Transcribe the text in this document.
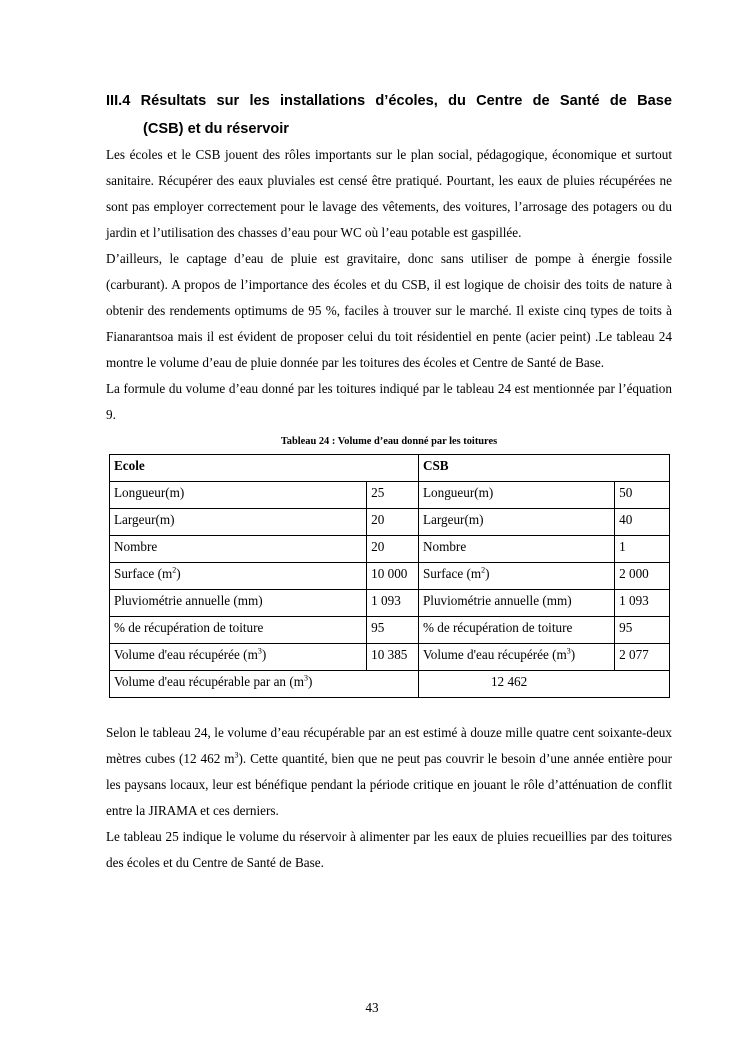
III.4 Résultats sur les installations d’écoles, du Centre de Santé de Base

(CSB) et du réservoir

Les écoles et le CSB jouent des rôles importants sur le plan social, pédagogique, économique et surtout sanitaire. Récupérer des eaux pluviales est censé être pratiqué. Pourtant, les eaux de pluies récupérées ne sont pas employer correctement pour le lavage des vêtements, des voitures, l’arrosage des potagers ou du jardin et l’utilisation des chasses d’eau pour WC où l’eau potable est gaspillée.

D’ailleurs, le captage d’eau de pluie est gravitaire, donc sans utiliser de pompe à énergie fossile (carburant). A propos de l’importance des écoles et du CSB, il est logique de choisir des toits de nature à obtenir des rendements optimums de 95 %, faciles à trouver sur le marché. Il existe cinq types de toits à Fianarantsoa mais il est évident de proposer celui du toit résidentiel en pente (acier peint) .Le tableau 24 montre le volume d’eau de pluie donnée par les toitures des écoles et Centre de Santé de Base.

La formule du volume d’eau donné par les toitures indiqué par le tableau 24 est mentionnée par l’équation 9.

Tableau 24 : Volume d’eau donné par les toitures
Ecole		CSB	
Longueur(m)	25	Longueur(m)	50
Largeur(m)	20	Largeur(m)	40
Nombre	20	Nombre	1
Surface $(m^2)$	10 000	Surface $(m^2)$	2 000
Pluviométrie annuelle (mm)	1 093	Pluviométrie annuelle (mm)	1 093
% de récupération de toiture	95	% de récupération de toiture	95
Volume d'eau récupérée $(m^3)$	10 385	Volume d'eau récupérée $(m^3)$	2 077
Volume d'eau récupérable par an $(m^3)$		12 462	

Selon le tableau 24, le volume d’eau récupérable par an est estimé à douze mille quatre cent soixante-deux mètres cubes (12 462 $m^3$). Cette quantité, bien que ne peut pas couvrir le besoin d’une année entière pour les paysans locaux, leur est bénéfique pendant la période critique en jouant le rôle d’atténuation de conflit entre la JIRAMA et ces derniers.

Le tableau 25 indique le volume du réservoir à alimenter par les eaux de pluies recueillies par des toitures des écoles et du Centre de Santé de Base.

43
